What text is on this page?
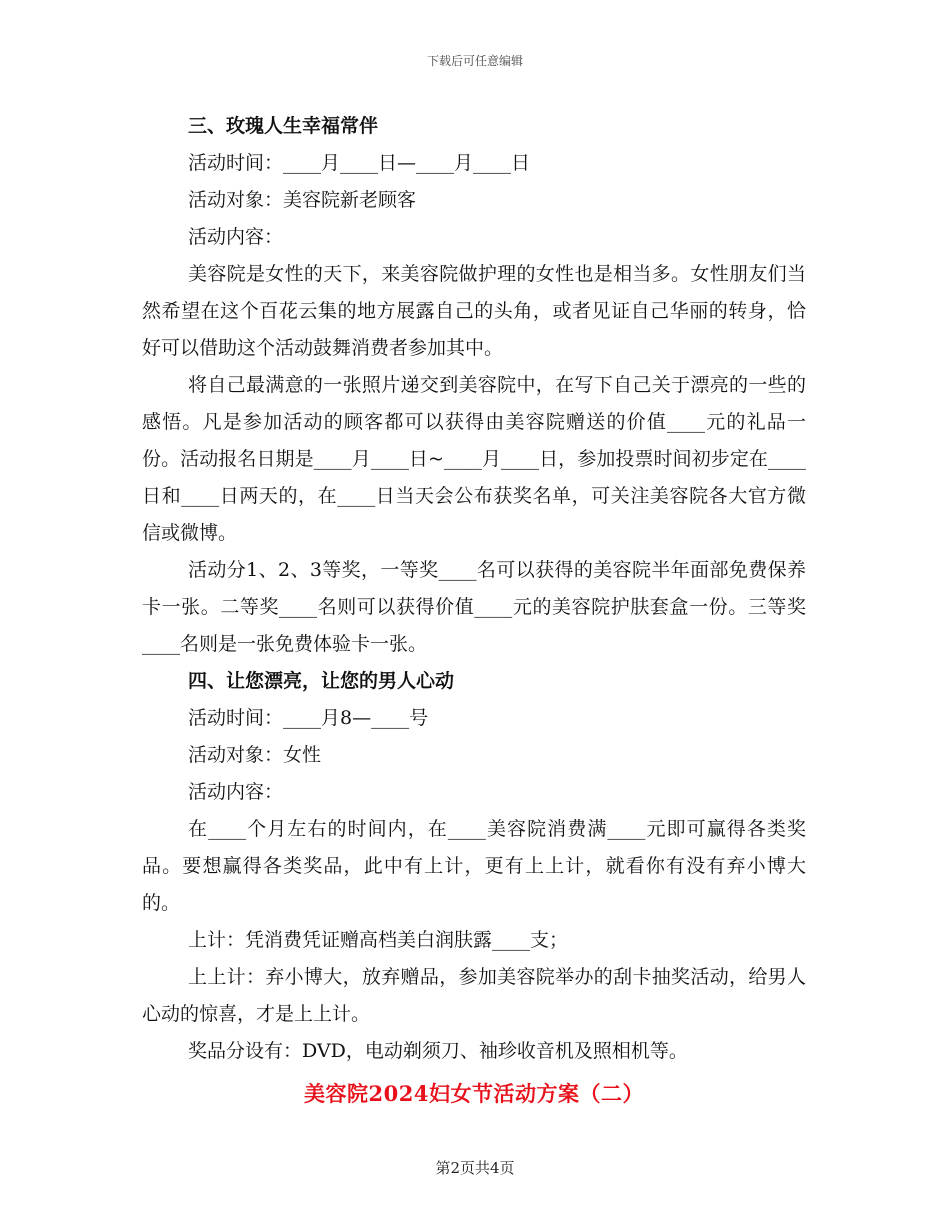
下载后可任意编辑
三、玫瑰人生幸福常伴
活动时间：____月____日—____月____日
活动对象：美容院新老顾客
活动内容：

美容院是女性的天下，来美容院做护理的女性也是相当多。女性朋友们当然希望在这个百花云集的地方展露自己的头角，或者见证自己华丽的转身，恰好可以借助这个活动鼓舞消费者参加其中。

将自己最满意的一张照片递交到美容院中，在写下自己关于漂亮的一些的感悟。凡是参加活动的顾客都可以获得由美容院赠送的价值____元的礼品一份。活动报名日期是____月____日~____月____日，参加投票时间初步定在____日和____日两天的，在____日当天会公布获奖名单，可关注美容院各大官方微信或微博。

活动分1、2、3等奖，一等奖____名可以获得的美容院半年面部免费保养卡一张。二等奖____名则可以获得价值____元的美容院护肤套盒一份。三等奖____名则是一张免费体验卡一张。

四、让您漂亮，让您的男人心动
活动时间：____月8—____号
活动对象：女性
活动内容：

在____个月左右的时间内，在____美容院消费满____元即可赢得各类奖品。要想赢得各类奖品，此中有上计，更有上上计，就看你有没有弃小博大的。

上计：凭消费凭证赠高档美白润肤露____支；

上上计：弃小博大，放弃赠品，参加美容院举办的刮卡抽奖活动，给男人心动的惊喜，才是上上计。

奖品分设有：DVD，电动剃须刀、袖珍收音机及照相机等。

美容院2024妇女节活动方案（二）
第2页共4页
